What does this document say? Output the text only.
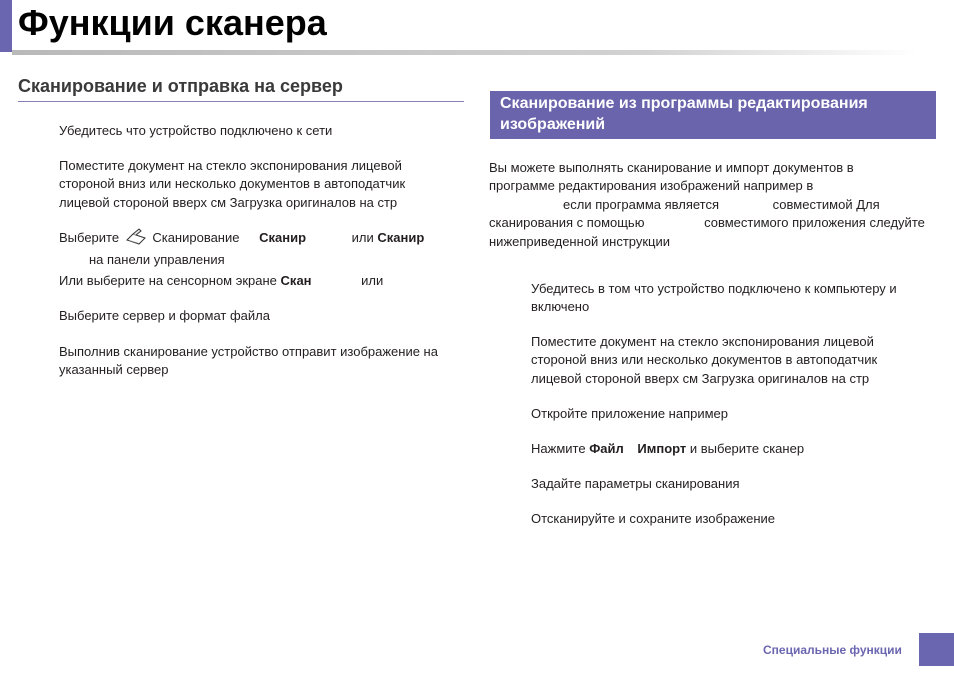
Функции сканера
Сканирование и отправка на сервер
Убедитесь что устройство подключено к сети
Поместите документ на стекло экспонирования лицевой
стороной вниз или несколько документов в автоподатчик
лицевой стороной вверх см Загрузка оригиналов на стр
Выберите	Сканирование Сканир	или Сканир
на панели управления
Или выберите на сенсорном экране Скан	или
Выберите сервер и формат файла
Выполнив сканирование устройство отправит изображение на
указанный сервер
Сканирование из программы редактирования
изображений
Вы можете выполнять сканирование и импорт документов в
программе редактирования изображений например в
если программа является	совместимой Для
сканирования с помощью	совместимого приложения следуйте
нижеприведенной инструкции
Убедитесь в том что устройство подключено к компьютеру и
включено
Поместите документ на стекло экспонирования лицевой
стороной вниз или несколько документов в автоподатчик
лицевой стороной вверх см Загрузка оригиналов на стр
Откройте приложение например
Нажмите Файл Импорт и выберите сканер
Задайте параметры сканирования
Отсканируйте и сохраните изображение
Специальные функции
